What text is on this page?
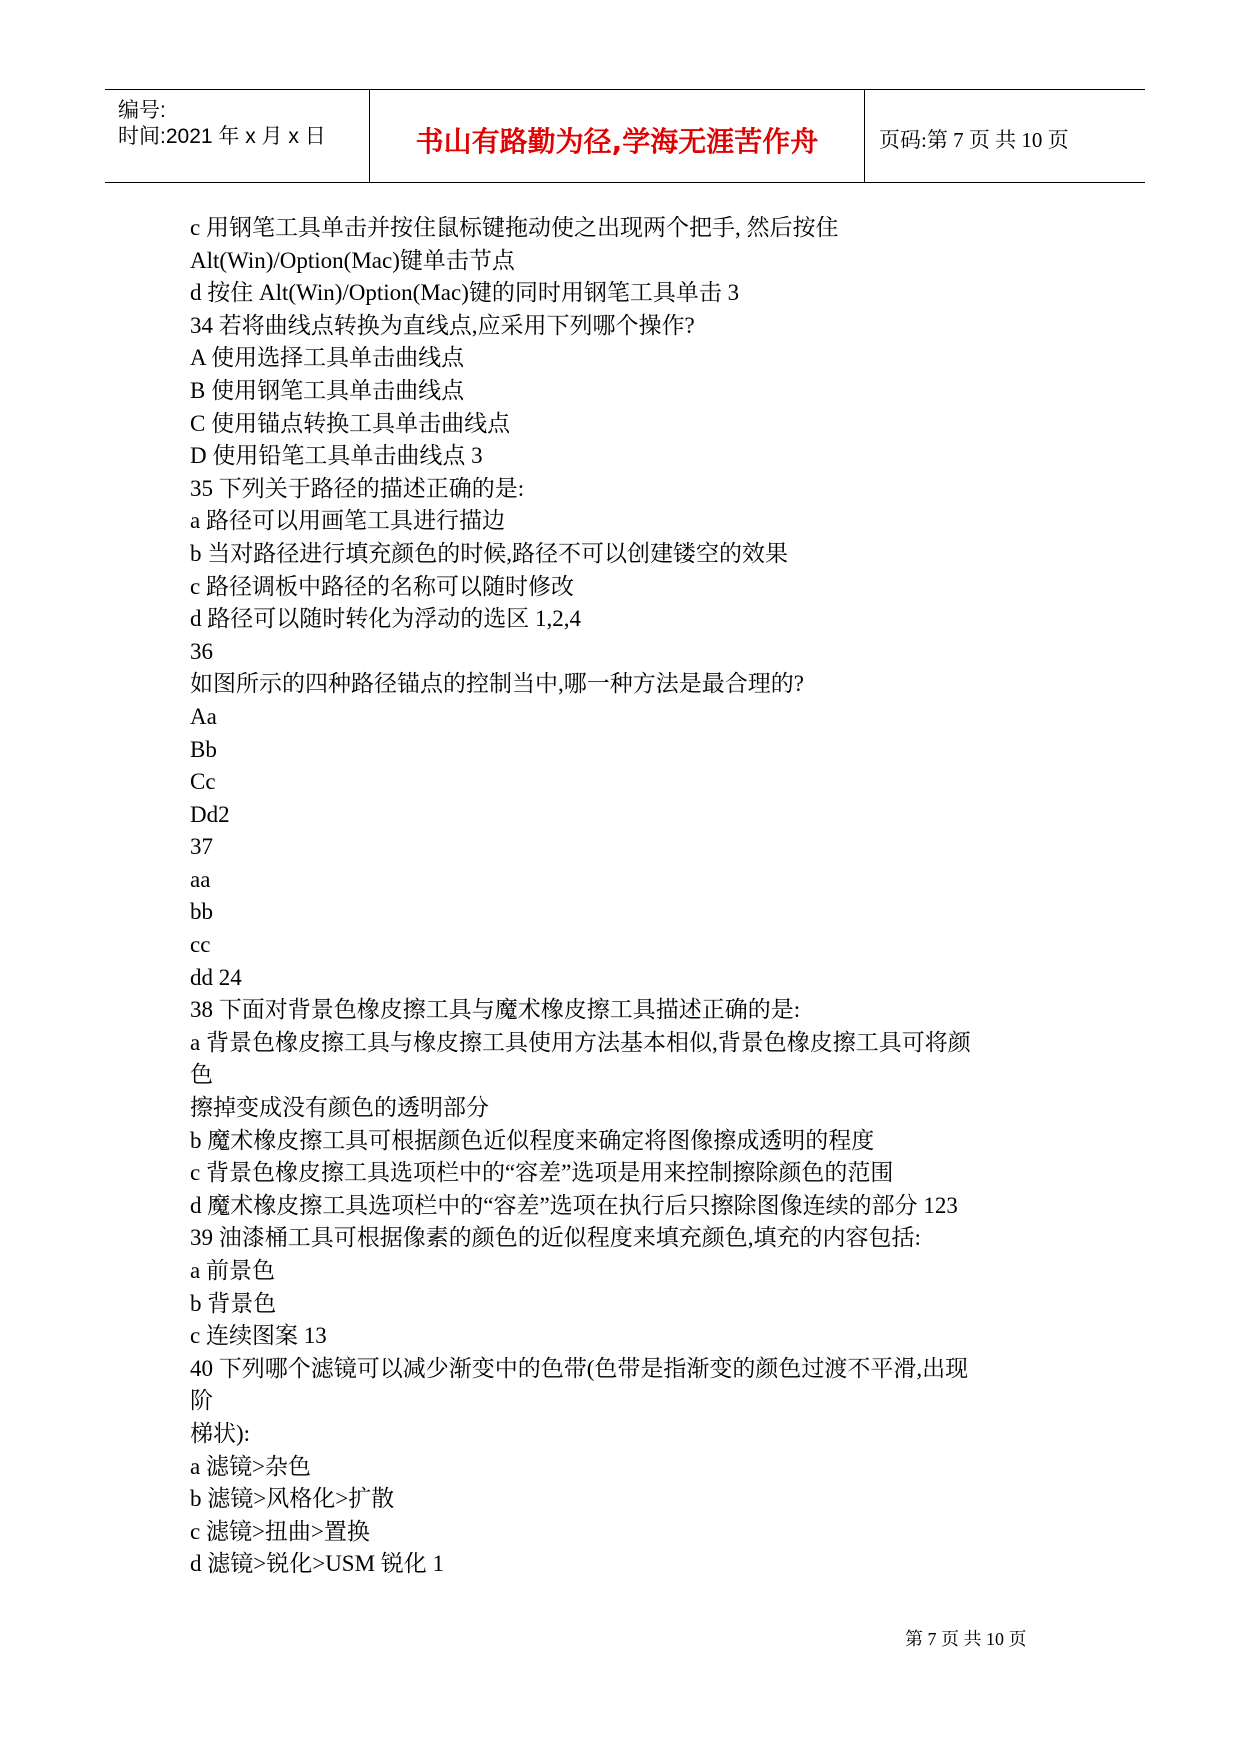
编号:
时间:2021 年 x 月 x 日	书山有路勤为径,学海无涯苦作舟	页码:第 7 页 共 10 页
c 用钢笔工具单击并按住鼠标键拖动使之出现两个把手, 然后按住
Alt(Win)/Option(Mac)键单击节点
d 按住 Alt(Win)/Option(Mac)键的同时用钢笔工具单击 3
34 若将曲线点转换为直线点,应采用下列哪个操作?
A 使用选择工具单击曲线点
B 使用钢笔工具单击曲线点
C 使用锚点转换工具单击曲线点
D 使用铅笔工具单击曲线点 3
35 下列关于路径的描述正确的是:
a 路径可以用画笔工具进行描边
b 当对路径进行填充颜色的时候,路径不可以创建镂空的效果
c 路径调板中路径的名称可以随时修改
d 路径可以随时转化为浮动的选区 1,2,4
36
如图所示的四种路径锚点的控制当中,哪一种方法是最合理的?
Aa
Bb
Cc
Dd2
37
aa
bb
cc
dd 24
38 下面对背景色橡皮擦工具与魔术橡皮擦工具描述正确的是:
a 背景色橡皮擦工具与橡皮擦工具使用方法基本相似,背景色橡皮擦工具可将颜
色
擦掉变成没有颜色的透明部分
b 魔术橡皮擦工具可根据颜色近似程度来确定将图像擦成透明的程度
c 背景色橡皮擦工具选项栏中的“容差”选项是用来控制擦除颜色的范围
d 魔术橡皮擦工具选项栏中的“容差”选项在执行后只擦除图像连续的部分 123
39 油漆桶工具可根据像素的颜色的近似程度来填充颜色,填充的内容包括:
a 前景色
b 背景色
c 连续图案 13
40 下列哪个滤镜可以减少渐变中的色带(色带是指渐变的颜色过渡不平滑,出现
阶
梯状):
a 滤镜>杂色
b 滤镜>风格化>扩散
c 滤镜>扭曲>置换
d 滤镜>锐化>USM 锐化 1
第 7 页 共 10 页
